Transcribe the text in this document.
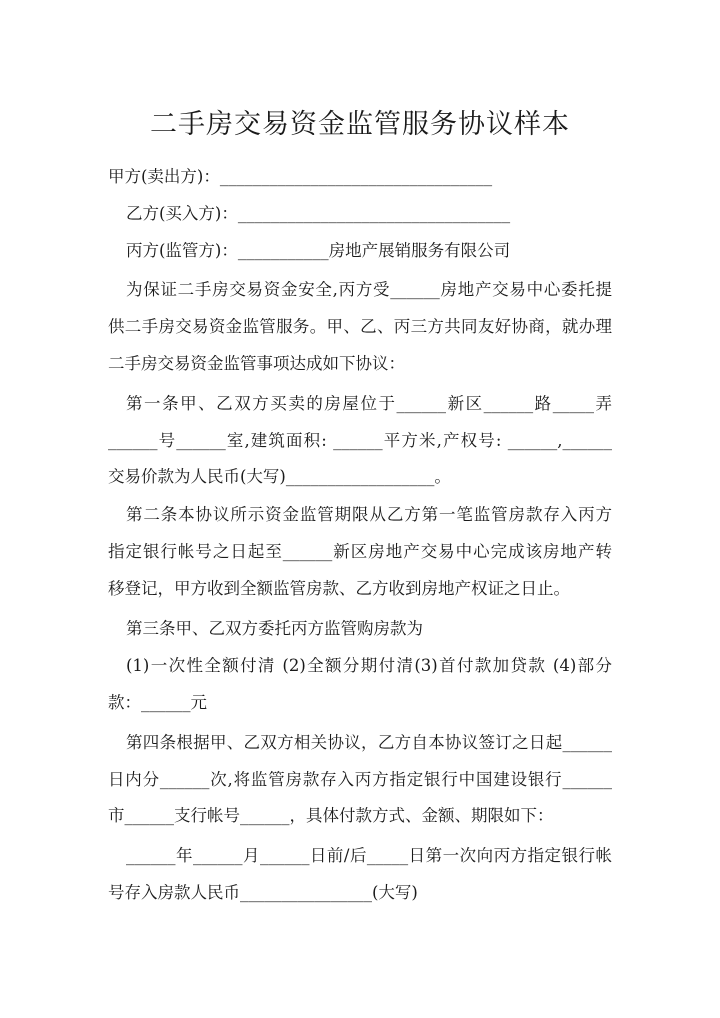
二手房交易资金监管服务协议样本

甲方(卖出方)：_________________________________

乙方(买入方)：_________________________________

丙方(监管方)：___________房地产展销服务有限公司

为保证二手房交易资金安全,丙方受______房地产交易中心委托提

供二手房交易资金监管服务。甲、乙、丙三方共同友好协商，就办理

二手房交易资金监管事项达成如下协议：

第一条甲、乙双方买卖的房屋位于______新区______路_____弄

______号______室,建筑面积: ______平方米,产权号: ______,______

交易价款为人民币(大写)__________________。

第二条本协议所示资金监管期限从乙方第一笔监管房款存入丙方

指定银行帐号之日起至______新区房地产交易中心完成该房地产转

移登记，甲方收到全额监管房款、乙方收到房地产权证之日止。

第三条甲、乙双方委托丙方监管购房款为

(1)一次性全额付清 (2)全额分期付清(3)首付款加贷款 (4)部分

款：______元

第四条根据甲、乙双方相关协议，乙方自本协议签订之日起______

日内分______次,将监管房款存入丙方指定银行中国建设银行______

市______支行帐号______，具体付款方式、金额、期限如下：

______年______月______日前/后_____日第一次向丙方指定银行帐

号存入房款人民币________________(大写)
